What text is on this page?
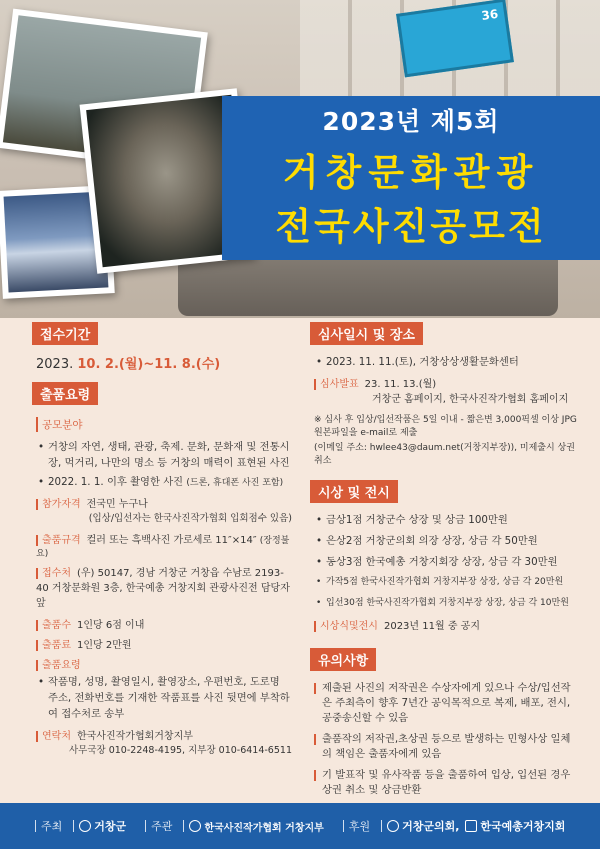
36
2023년 제5회
거창문화관광
전국사진공모전
접수기간
2023. 10. 2.(월)~11. 8.(수)
출품요령
공모분야
• 거창의 자연, 생태, 관광, 축제. 문화, 문화재 및 전통시장, 먹거리, 나만의 명소 등 거창의 매력이 표현된 사진
• 2022. 1. 1. 이후 촬영한 사진 (드론, 휴대폰 사진 포함)
참가자격 전국민 누구나
(입상/입선자는 한국사진작가협회 입회점수 있음)
출품규격 컬러 또는 흑백사진 가로세로 11″×14″ (장정불요)
접수처 (우) 50147, 경남 거창군 거창읍 수남로 2193-40 거창문화원 3층, 한국예총 거창지회 관광사진전 담당자 앞
출품수 1인당 6점 이내
출품료 1인당 2만원
출품요령
• 작품명, 성명, 촬영일시, 촬영장소, 우편번호, 도로명 주소, 전화번호를 기재한 작품표를 사진 뒷면에 부착하여 접수처로 송부
연락처 한국사진작가협회거창지부
사무국장 010-2248-4195, 지부장 010-6414-6511
심사일시 및 장소
• 2023. 11. 11.(토), 거창상상생활문화센터
심사발표 23. 11. 13.(월)
거창군 홈페이지, 한국사진작가협회 홈페이지
※ 심사 후 입상/입선작품은 5일 이내 - 짧은변 3,000픽셀 이상 JPG 원본파일을 e-mail로 제출
(이메일 주소: hwlee43@daum.net(거창지부장)), 미제출시 상권 취소
시상 및 전시
• 금상1점 거창군수 상장 및 상금 100만원
• 은상2점 거창군의회 의장 상장, 상금 각 50만원
• 동상3점 한국예총 거창지회장 상장, 상금 각 30만원
• 가작5점 한국사진작가협회 거창지부장 상장, 상금 각 20만원
• 입선30점 한국사진작가협회 거창지부장 상장, 상금 각 10만원
시상식및전시 2023년 11월 중 공지
유의사항
제출된 사진의 저작권은 수상자에게 있으나 수상/입선작은 주최측이 향후 7년간 공익목적으로 복제, 배포, 전시, 공중송신할 수 있음
출품작의 저작권,초상권 등으로 발생하는 민형사상 일체의 책임은 출품자에게 있음
기 발표작 및 유사작품 등을 출품하여 입상, 입선된 경우 상권 취소 및 상금반환
주최	거창군 주관	한국사진작가협회 거창지부 후원	거창군의회, 한국예총거창지회
